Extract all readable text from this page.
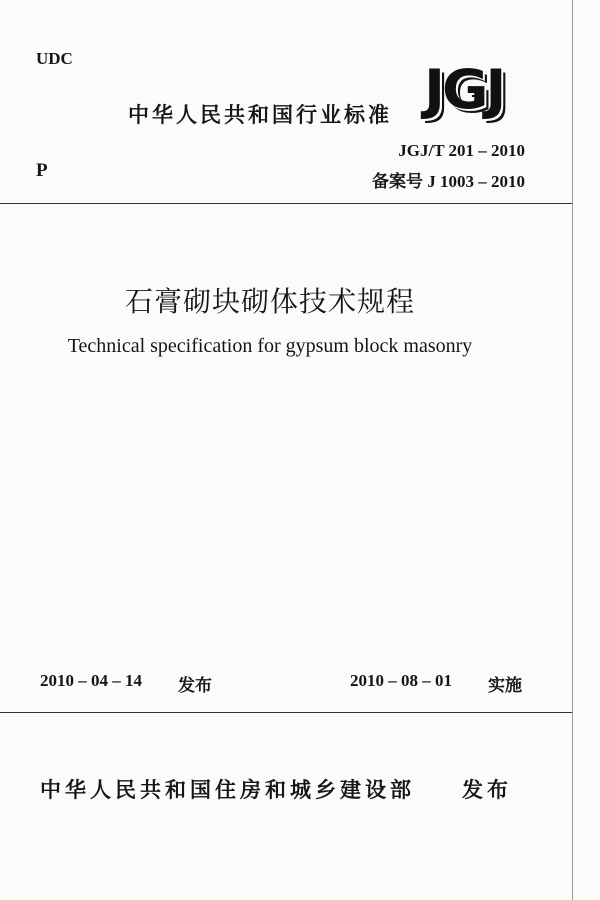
UDC
中华人民共和国行业标准 JGJ
P
JGJ/T 201 – 2010
备案号 J 1003 – 2010
石膏砌块砌体技术规程
Technical specification for gypsum block masonry
2010 – 04 – 14 发布	2010 – 08 – 01 实施
中华人民共和国住房和城乡建设部 发布
